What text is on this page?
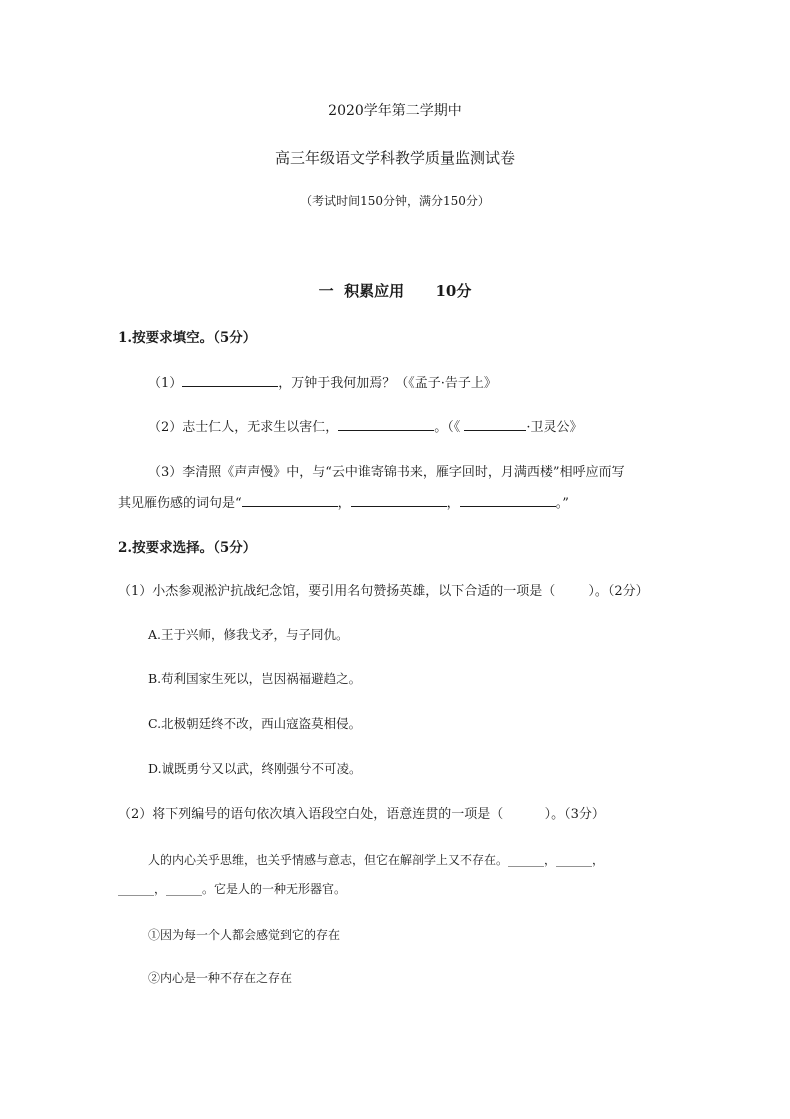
2020学年第二学期中
高三年级语文学科教学质量监测试卷
（考试时间150分钟，满分150分）
一  积累应用      10分
1.按要求填空。（5分）
（1）	，万钟于我何加焉？（《孟子·告子上》
（2）志士仁人，无求生以害仁，	。（《	·卫灵公》
（3）李清照《声声慢》中，与“云中谁寄锦书来，雁字回时，月满西楼”相呼应而写
其见雁伤感的词句是“	，	，	。”
2.按要求选择。（5分）
（1）小杰参观淞沪抗战纪念馆，要引用名句赞扬英雄，以下合适的一项是（        ）。（2分）
A.王于兴师，修我戈矛，与子同仇。
B.苟利国家生死以，岂因祸福避趋之。
C.北极朝廷终不改，西山寇盗莫相侵。
D.诚既勇兮又以武，终刚强兮不可凌。
（2）将下列编号的语句依次填入语段空白处，语意连贯的一项是（          ）。（3分）
人的内心关乎思维，也关乎情感与意志，但它在解剖学上又不存在。______，______，
______，______。它是人的一种无形器官。
①因为每一个人都会感觉到它的存在
②内心是一种不存在之存在
